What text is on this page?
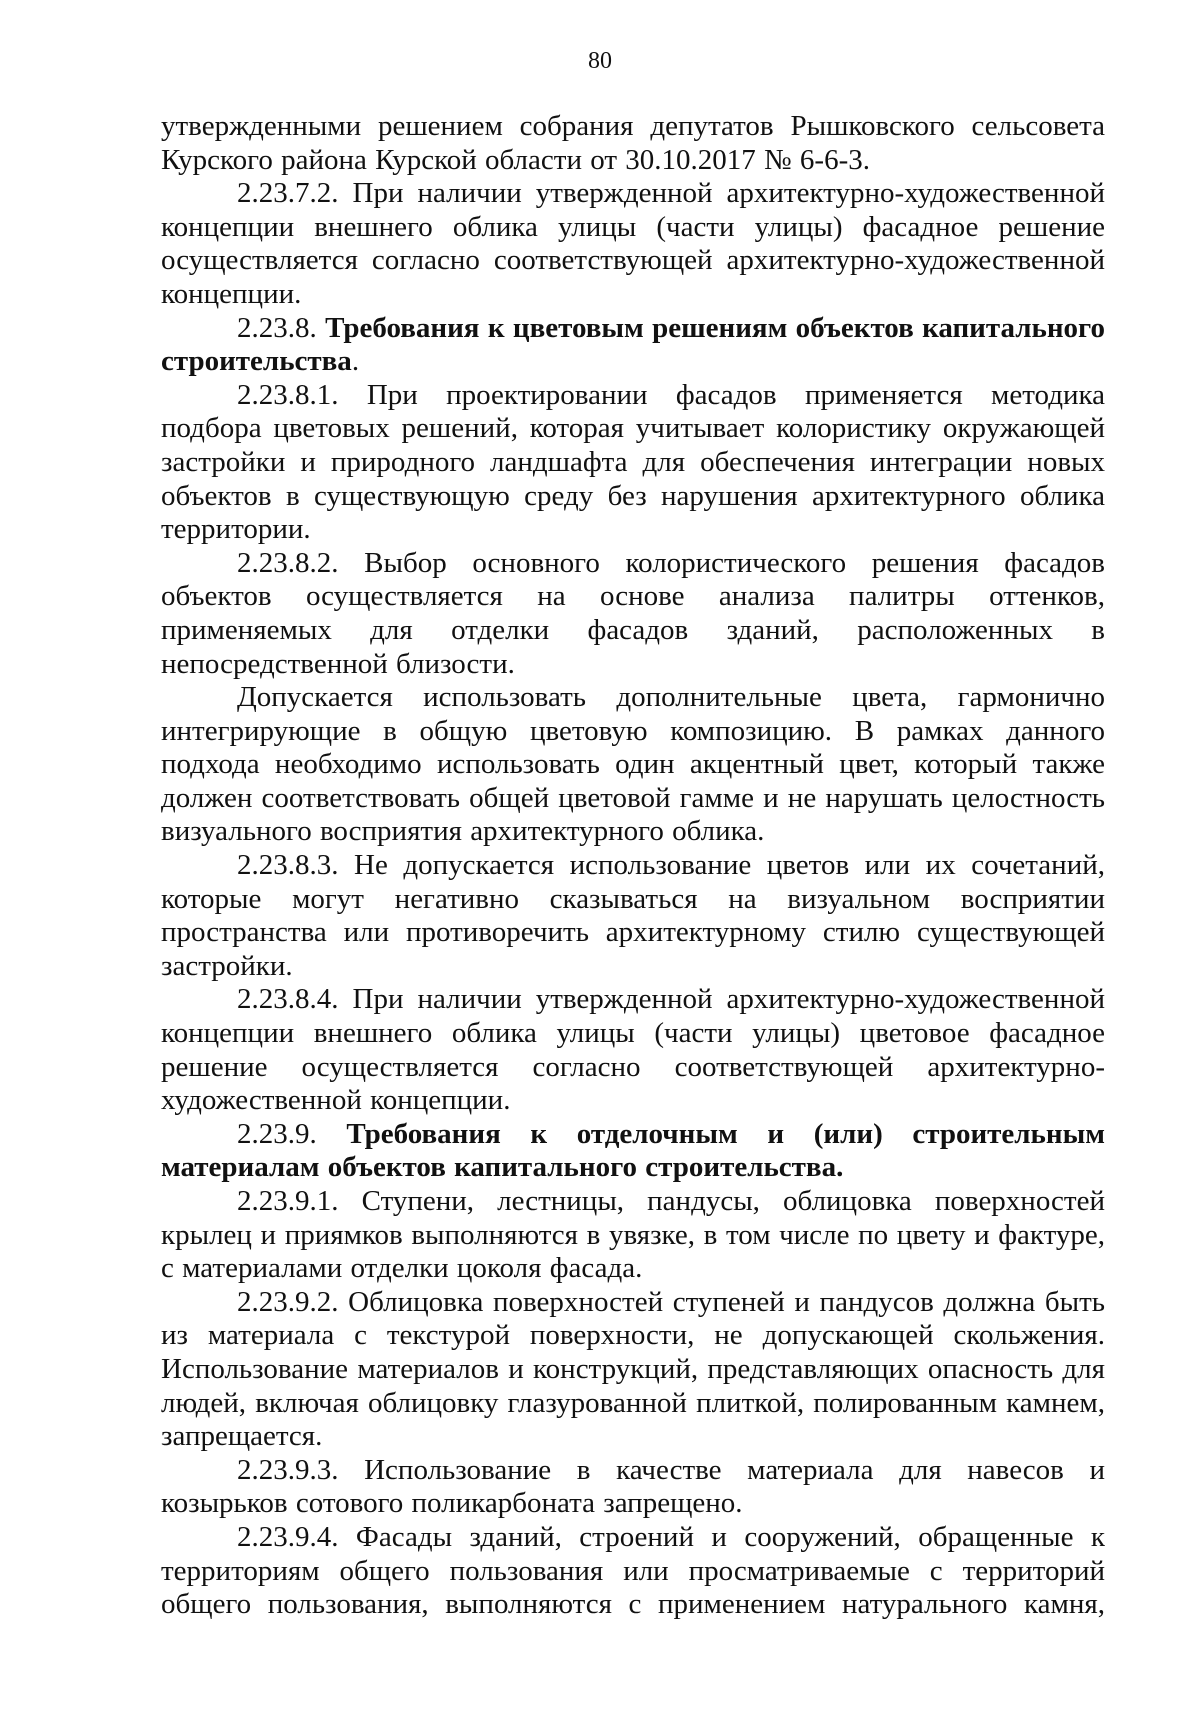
80

утвержденными решением собрания депутатов Рышковского сельсовета Курского района Курской области от 30.10.2017 № 6-6-3.

2.23.7.2. При наличии утвержденной архитектурно-художественной концепции внешнего облика улицы (части улицы) фасадное решение осуществляется согласно соответствующей архитектурно-художественной концепции.

2.23.8. Требования к цветовым решениям объектов капитального строительства.

2.23.8.1. При проектировании фасадов применяется методика подбора цветовых решений, которая учитывает колористику окружающей застройки и природного ландшафта для обеспечения интеграции новых объектов в существующую среду без нарушения архитектурного облика территории.

2.23.8.2. Выбор основного колористического решения фасадов объектов осуществляется на основе анализа палитры оттенков, применяемых для отделки фасадов зданий, расположенных в непосредственной близости.

Допускается использовать дополнительные цвета, гармонично интегрирующие в общую цветовую композицию. В рамках данного подхода необходимо использовать один акцентный цвет, который также должен соответствовать общей цветовой гамме и не нарушать целостность визуального восприятия архитектурного облика.

2.23.8.3. Не допускается использование цветов или их сочетаний, которые могут негативно сказываться на визуальном восприятии пространства или противоречить архитектурному стилю существующей застройки.

2.23.8.4. При наличии утвержденной архитектурно-художественной концепции внешнего облика улицы (части улицы) цветовое фасадное решение осуществляется согласно соответствующей архитектурно-художественной концепции.

2.23.9. Требования к отделочным и (или) строительным материалам объектов капитального строительства.

2.23.9.1. Ступени, лестницы, пандусы, облицовка поверхностей крылец и приямков выполняются в увязке, в том числе по цвету и фактуре, с материалами отделки цоколя фасада.

2.23.9.2. Облицовка поверхностей ступеней и пандусов должна быть из материала с текстурой поверхности, не допускающей скольжения. Использование материалов и конструкций, представляющих опасность для людей, включая облицовку глазурованной плиткой, полированным камнем, запрещается.

2.23.9.3. Использование в качестве материала для навесов и козырьков сотового поликарбоната запрещено.

2.23.9.4. Фасады зданий, строений и сооружений, обращенные к территориям общего пользования или просматриваемые с территорий общего пользования, выполняются с применением натурального камня,
